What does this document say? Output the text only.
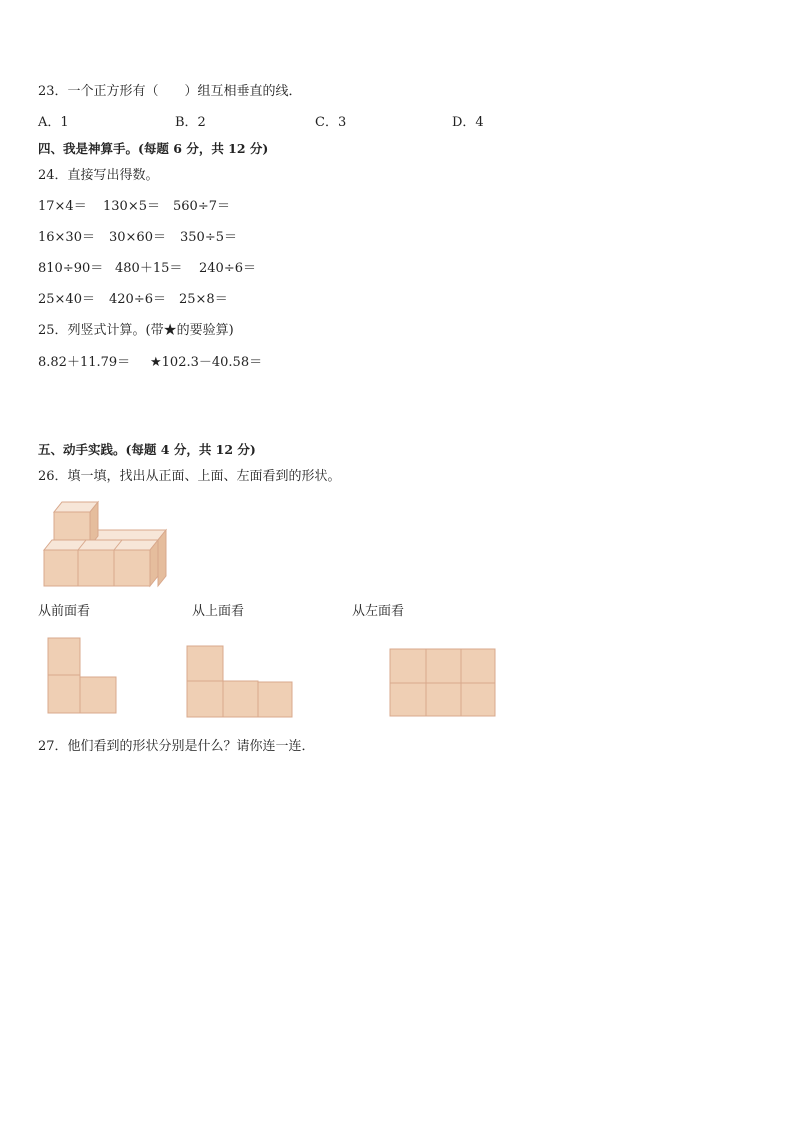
23．一个正方形有（　　）组互相垂直的线．
A．1	B．2	C．3	D．4
四、我是神算手。(每题 6 分，共 12 分)
24．直接写出得数。
17×4＝ 130×5＝ 560÷7＝
16×30＝ 30×60＝ 350÷5＝
810÷90＝ 480＋15＝ 240÷6＝
25×40＝ 420÷6＝ 25×8＝
25．列竖式计算。(带★的要验算)
8.82＋11.79＝ ★102.3－40.58＝
五、动手实践。(每题 4 分，共 12 分)
26．填一填，找出从正面、上面、左面看到的形状。
从前面看	从上面看	从左面看
27．他们看到的形状分别是什么？请你连一连．
